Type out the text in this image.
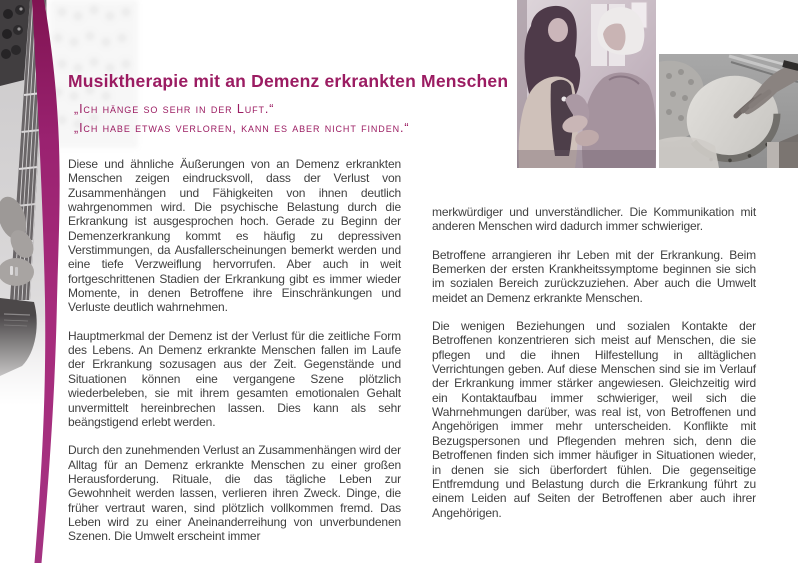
Musiktherapie mit an Demenz erkrankten Menschen

„Ich hänge so sehr in der Luft.“

„Ich habe etwas verloren, kann es aber nicht finden.“

Diese und ähnliche Äußerungen von an Demenz erkrankten Menschen zeigen eindrucksvoll, dass der Verlust von Zusammenhängen und Fähigkeiten von ihnen deutlich wahrgenommen wird. Die psychische Belastung durch die Erkrankung ist ausgesprochen hoch. Gerade zu Beginn der Demenzerkrankung kommt es häufig zu depressiven Verstimmungen, da Ausfallerscheinungen bemerkt werden und eine tiefe Verzweiflung hervorrufen. Aber auch in weit fortgeschrittenen Stadien der Erkrankung gibt es immer wieder Momente, in denen Betroffene ihre Einschränkungen und Verluste deutlich wahrnehmen.

Hauptmerkmal der Demenz ist der Verlust für die zeitliche Form des Lebens. An Demenz erkrankte Menschen fallen im Laufe der Erkrankung sozusagen aus der Zeit. Gegenstände und Situationen können eine vergangene Szene plötzlich wiederbeleben, sie mit ihrem gesamten emotionalen Gehalt unvermittelt hereinbrechen lassen. Dies kann als sehr beängstigend erlebt werden.

Durch den zunehmenden Verlust an Zusammenhängen wird der Alltag für an Demenz erkrankte Menschen zu einer großen Herausforderung. Rituale, die das tägliche Leben zur Gewohnheit werden lassen, verlieren ihren Zweck. Dinge, die früher vertraut waren, sind plötzlich vollkommen fremd. Das Leben wird zu einer Aneinanderreihung von unverbundenen Szenen. Die Umwelt erscheint immer

merkwürdiger und unverständlicher. Die Kommunikation mit anderen Menschen wird dadurch immer schwieriger.

Betroffene arrangieren ihr Leben mit der Erkrankung. Beim Bemerken der ersten Krankheitssymptome beginnen sie sich im sozialen Bereich zurückzuziehen. Aber auch die Umwelt meidet an Demenz erkrankte Menschen.

Die wenigen Beziehungen und sozialen Kontakte der Betroffenen konzentrieren sich meist auf Menschen, die sie pflegen und die ihnen Hilfestellung in alltäglichen Verrichtungen geben. Auf diese Menschen sind sie im Verlauf der Erkrankung immer stärker angewiesen. Gleichzeitig wird ein Kontaktaufbau immer schwieriger, weil sich die Wahrnehmungen darüber, was real ist, von Betroffenen und Angehörigen immer mehr unterscheiden. Konflikte mit Bezugspersonen und Pflegenden mehren sich, denn die Betroffenen finden sich immer häufiger in Situationen wieder, in denen sie sich überfordert fühlen. Die gegenseitige Entfremdung und Belastung durch die Erkrankung führt zu einem Leiden auf Seiten der Betroffenen aber auch ihrer Angehörigen.
